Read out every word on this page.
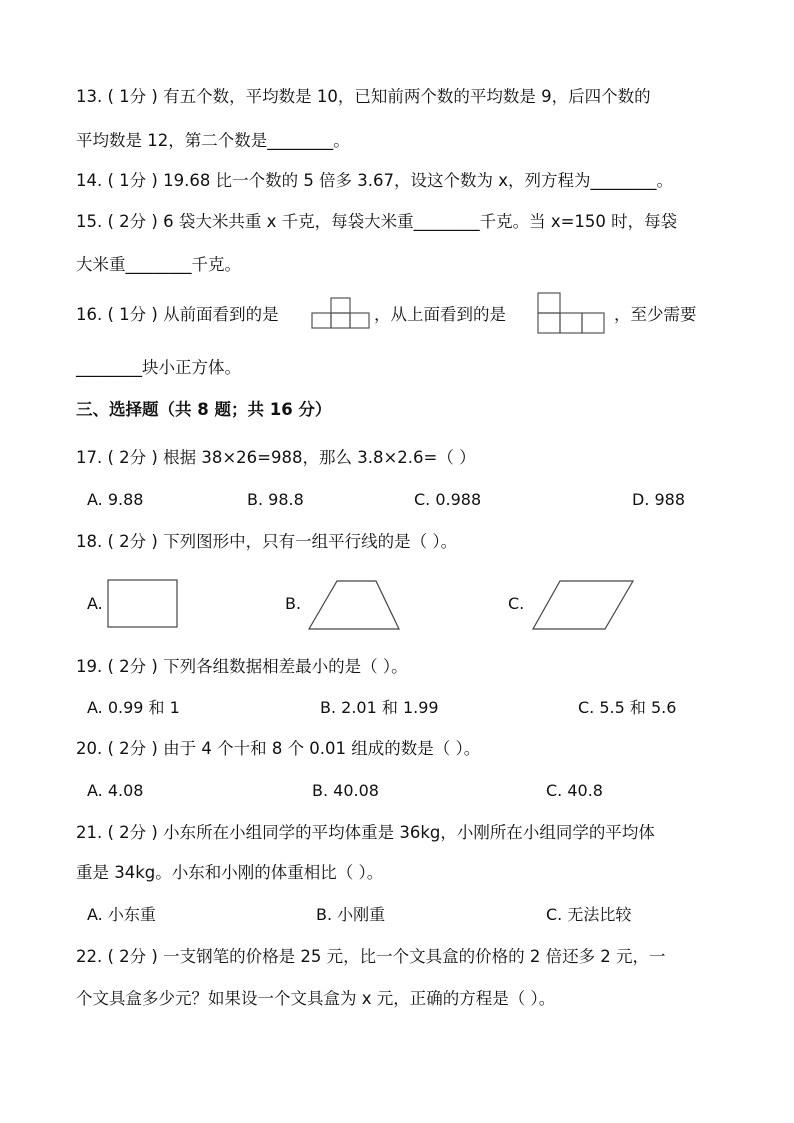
13. ( 1分 ) 有五个数，平均数是 10，已知前两个数的平均数是 9，后四个数的
平均数是 12，第二个数是________。
14. ( 1分 ) 19.68 比一个数的 5 倍多 3.67，设这个数为 x，列方程为________。
15. ( 2分 ) 6 袋大米共重 x 千克，每袋大米重________千克。当 x=150 时，每袋
大米重________千克。
16. ( 1分 ) 从前面看到的是	，从上面看到的是	，至少需要
________块小正方体。
三、选择题（共 8 题；共 16 分）
17. ( 2分 ) 根据 38×26=988，那么 3.8×2.6=（ ）
A. 9.88	B. 98.8	C. 0.988	D. 988
18. ( 2分 ) 下列图形中，只有一组平行线的是（ ）。
A.	B.	C.
19. ( 2分 ) 下列各组数据相差最小的是（ ）。
A. 0.99 和 1	B. 2.01 和 1.99	C. 5.5 和 5.6
20. ( 2分 ) 由于 4 个十和 8 个 0.01 组成的数是（ ）。
A. 4.08	B. 40.08	C. 40.8
21. ( 2分 ) 小东所在小组同学的平均体重是 36kg，小刚所在小组同学的平均体
重是 34kg。小东和小刚的体重相比（ ）。
A. 小东重	B. 小刚重	C. 无法比较
22. ( 2分 ) 一支钢笔的价格是 25 元，比一个文具盒的价格的 2 倍还多 2 元，一
个文具盒多少元？如果设一个文具盒为 x 元，正确的方程是（ ）。
